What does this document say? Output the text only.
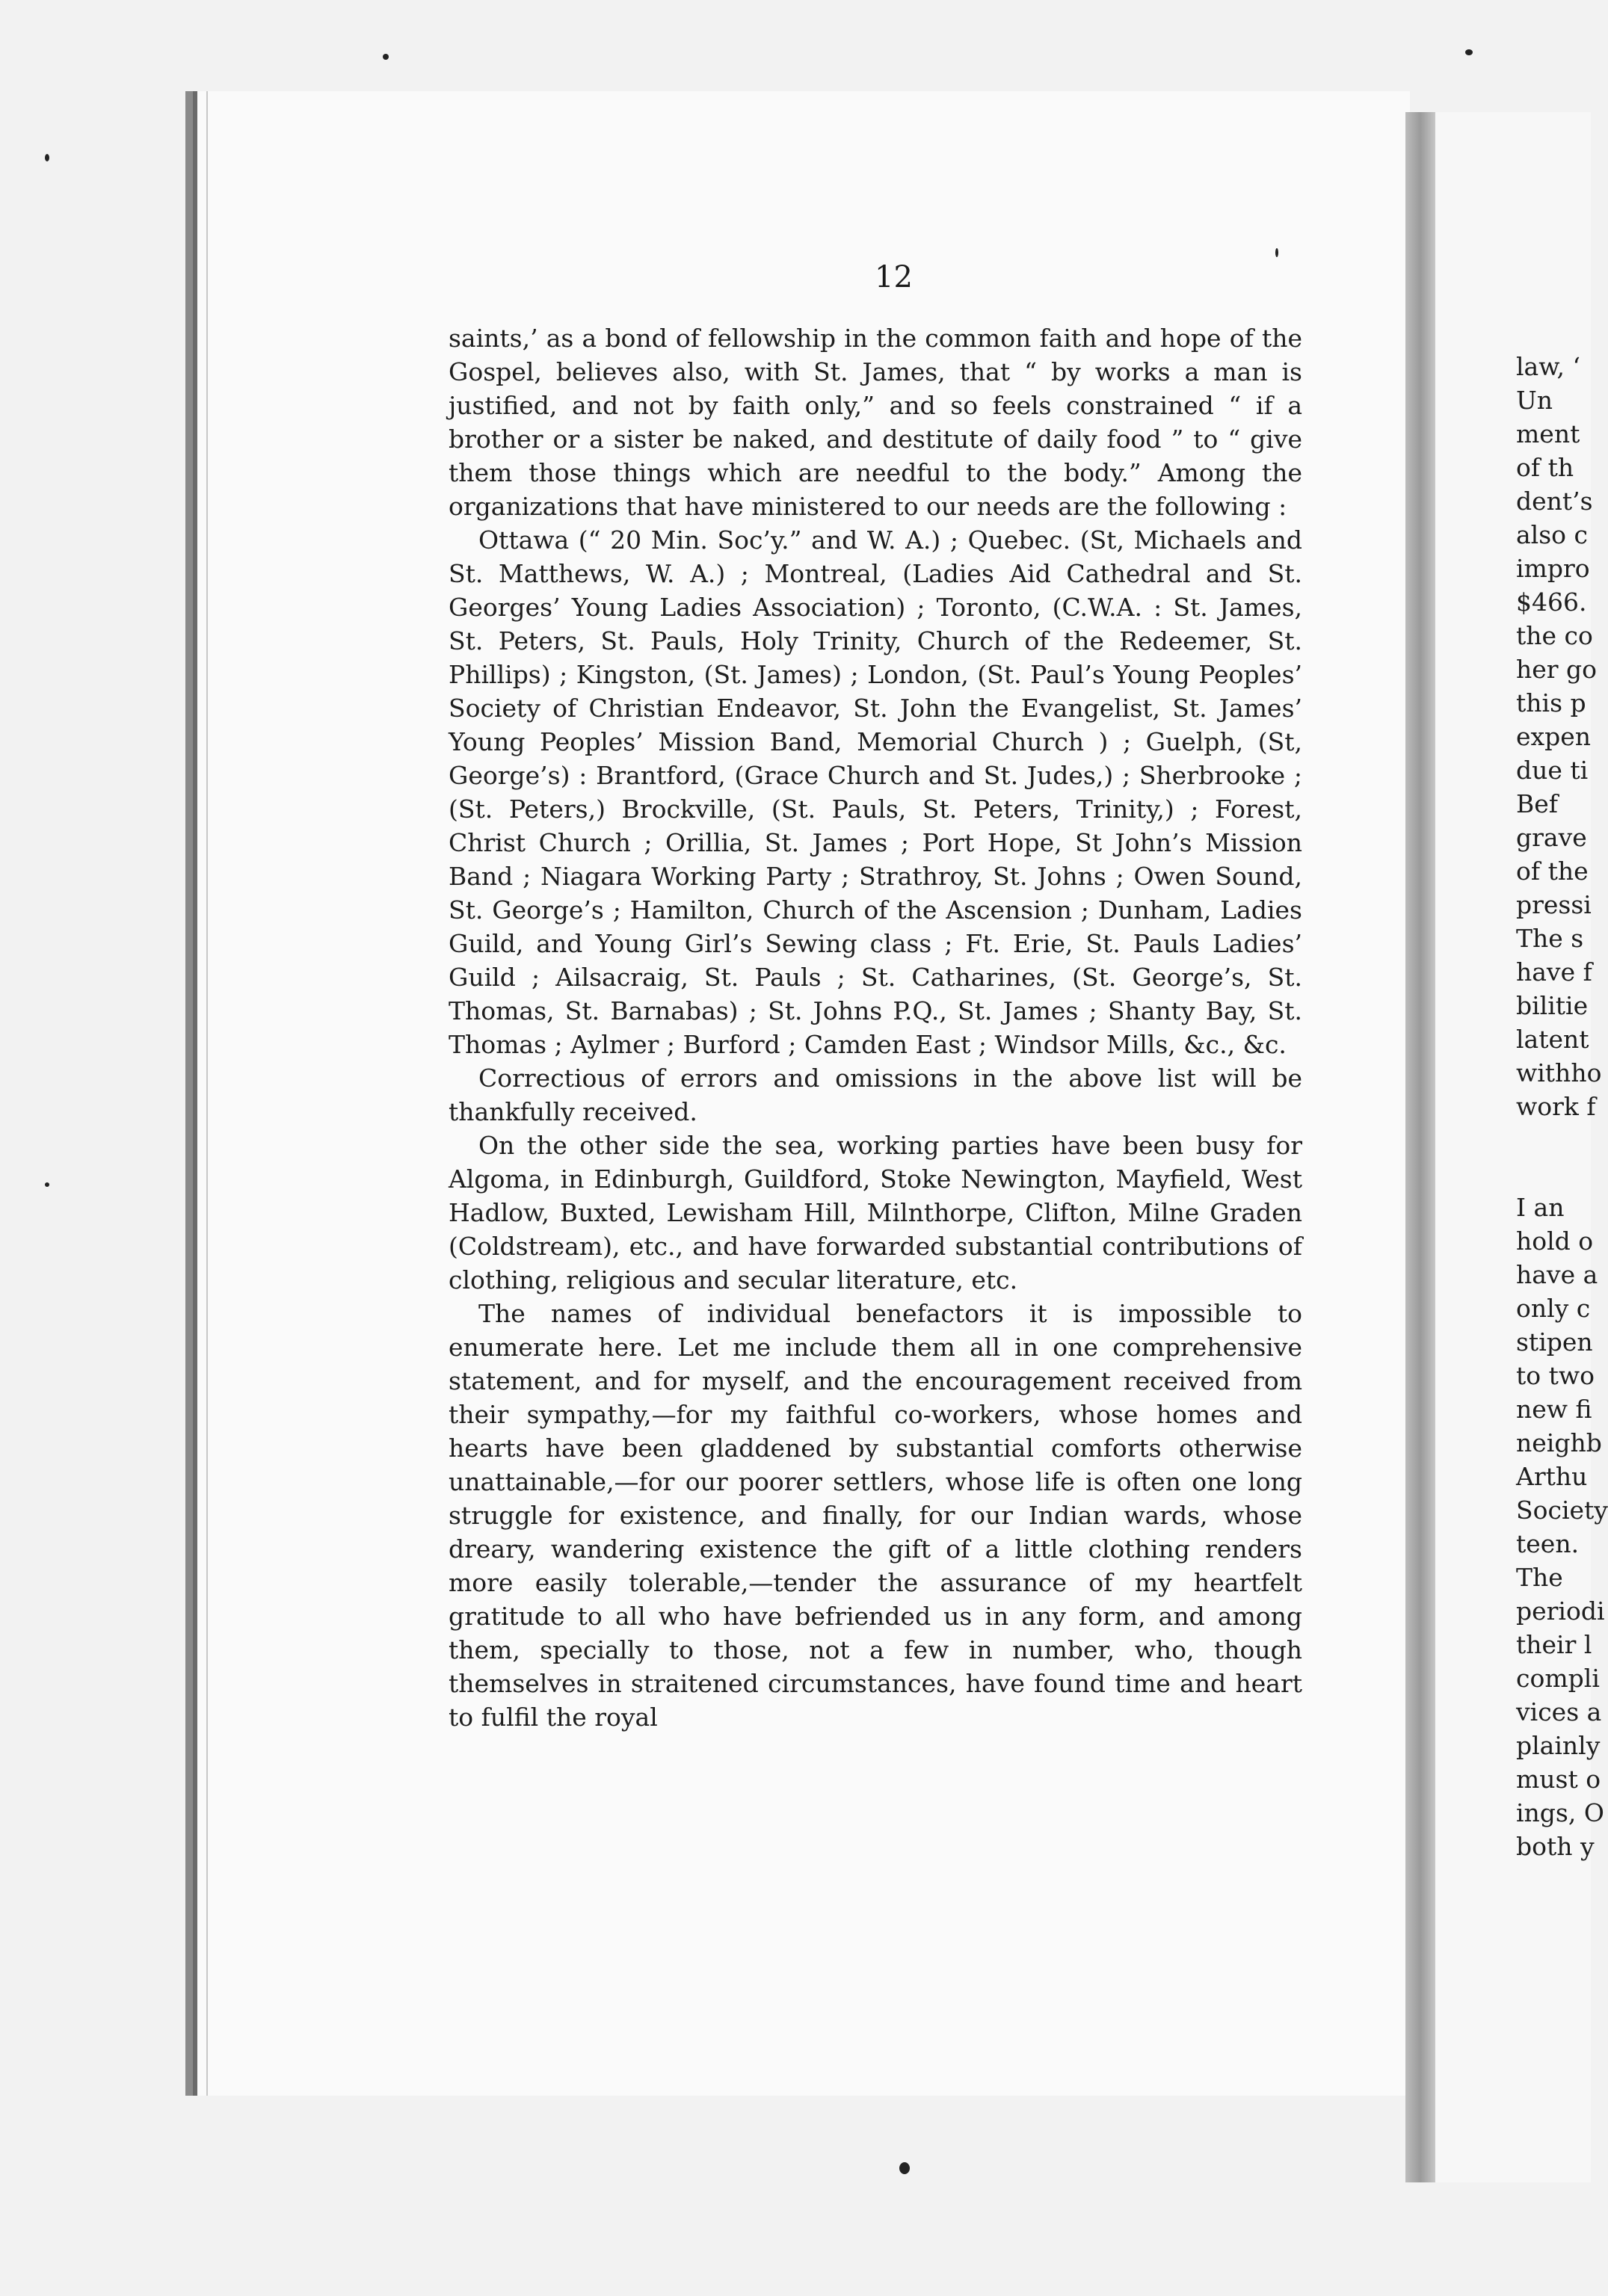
12

saints,’ as a bond of fellowship in the common faith and hope of the Gospel, believes also, with St. James, that “ by works a man is justified, and not by faith only,” and so feels constrained “ if a brother or a sister be naked, and destitute of daily food ” to “ give them those things which are needful to the body.” Among the organizations that have ministered to our needs are the following :

Ottawa (“ 20 Min. Soc’y.” and W. A.) ; Quebec. (St, Michaels and St. Matthews, W. A.) ; Montreal, (Ladies Aid Cathedral and St. Georges’ Young Ladies Association) ; Toronto, (C.W.A. : St. James, St. Peters, St. Pauls, Holy Trinity, Church of the Redeemer, St. Phillips) ; Kingston, (St. James) ; London, (St. Paul’s Young Peoples’ Society of Christian Endeavor, St. John the Evangelist, St. James’ Young Peoples’ Mission Band, Memorial Church ) ; Guelph, (St, George’s) : Brantford, (Grace Church and St. Judes,) ; Sherbrooke ; (St. Peters,) Brockville, (St. Pauls, St. Peters, Trinity,) ; Forest, Christ Church ; Orillia, St. James ; Port Hope, St John’s Mission Band ; Niagara Working Party ; Strathroy, St. Johns ; Owen Sound, St. George’s ; Hamilton, Church of the Ascension ; Dunham, Ladies Guild, and Young Girl’s Sewing class ; Ft. Erie, St. Pauls Ladies’ Guild ; Ailsacraig, St. Pauls ; St. Catharines, (St. George’s, St. Thomas, St. Barnabas) ; St. Johns P.Q., St. James ; Shanty Bay, St. Thomas ; Aylmer ; Burford ; Camden East ; Windsor Mills, &c., &c.

Correctious of errors and omissions in the above list will be thankfully received.

On the other side the sea, working parties have been busy for Algoma, in Edinburgh, Guildford, Stoke Newington, Mayfield, West Hadlow, Buxted, Lewisham Hill, Milnthorpe, Clifton, Milne Graden (Coldstream), etc., and have forwarded substantial contributions of clothing, religious and secular literature, etc.

The names of individual benefactors it is impossible to enumerate here. Let me include them all in one comprehensive statement, and for myself, and the encouragement received from their sympathy,—for my faithful co-workers, whose homes and hearts have been gladdened by substantial comforts otherwise unattainable,—for our poorer settlers, whose life is often one long struggle for existence, and finally, for our Indian wards, whose dreary, wandering existence the gift of a little clothing renders more easily tolerable,—tender the assurance of my heartfelt gratitude to all who have befriended us in any form, and among them, specially to those, not a few in number, who, though themselves in straitened circumstances, have found time and heart to fulfil the royal

law, ‘
Un
ment
of th
dent’s
also c
impro
$466.
the co
her go
this p
expen
due ti
Bef
grave
of the
pressi
The s
have f
bilitie
latent
withho
work f
I an
hold o
have a
only c
stipen
to two
new fi
neighb
Arthu
Society
teen.
The
periodi
their l
compli
vices a
plainly
must o
ings, O
both y
